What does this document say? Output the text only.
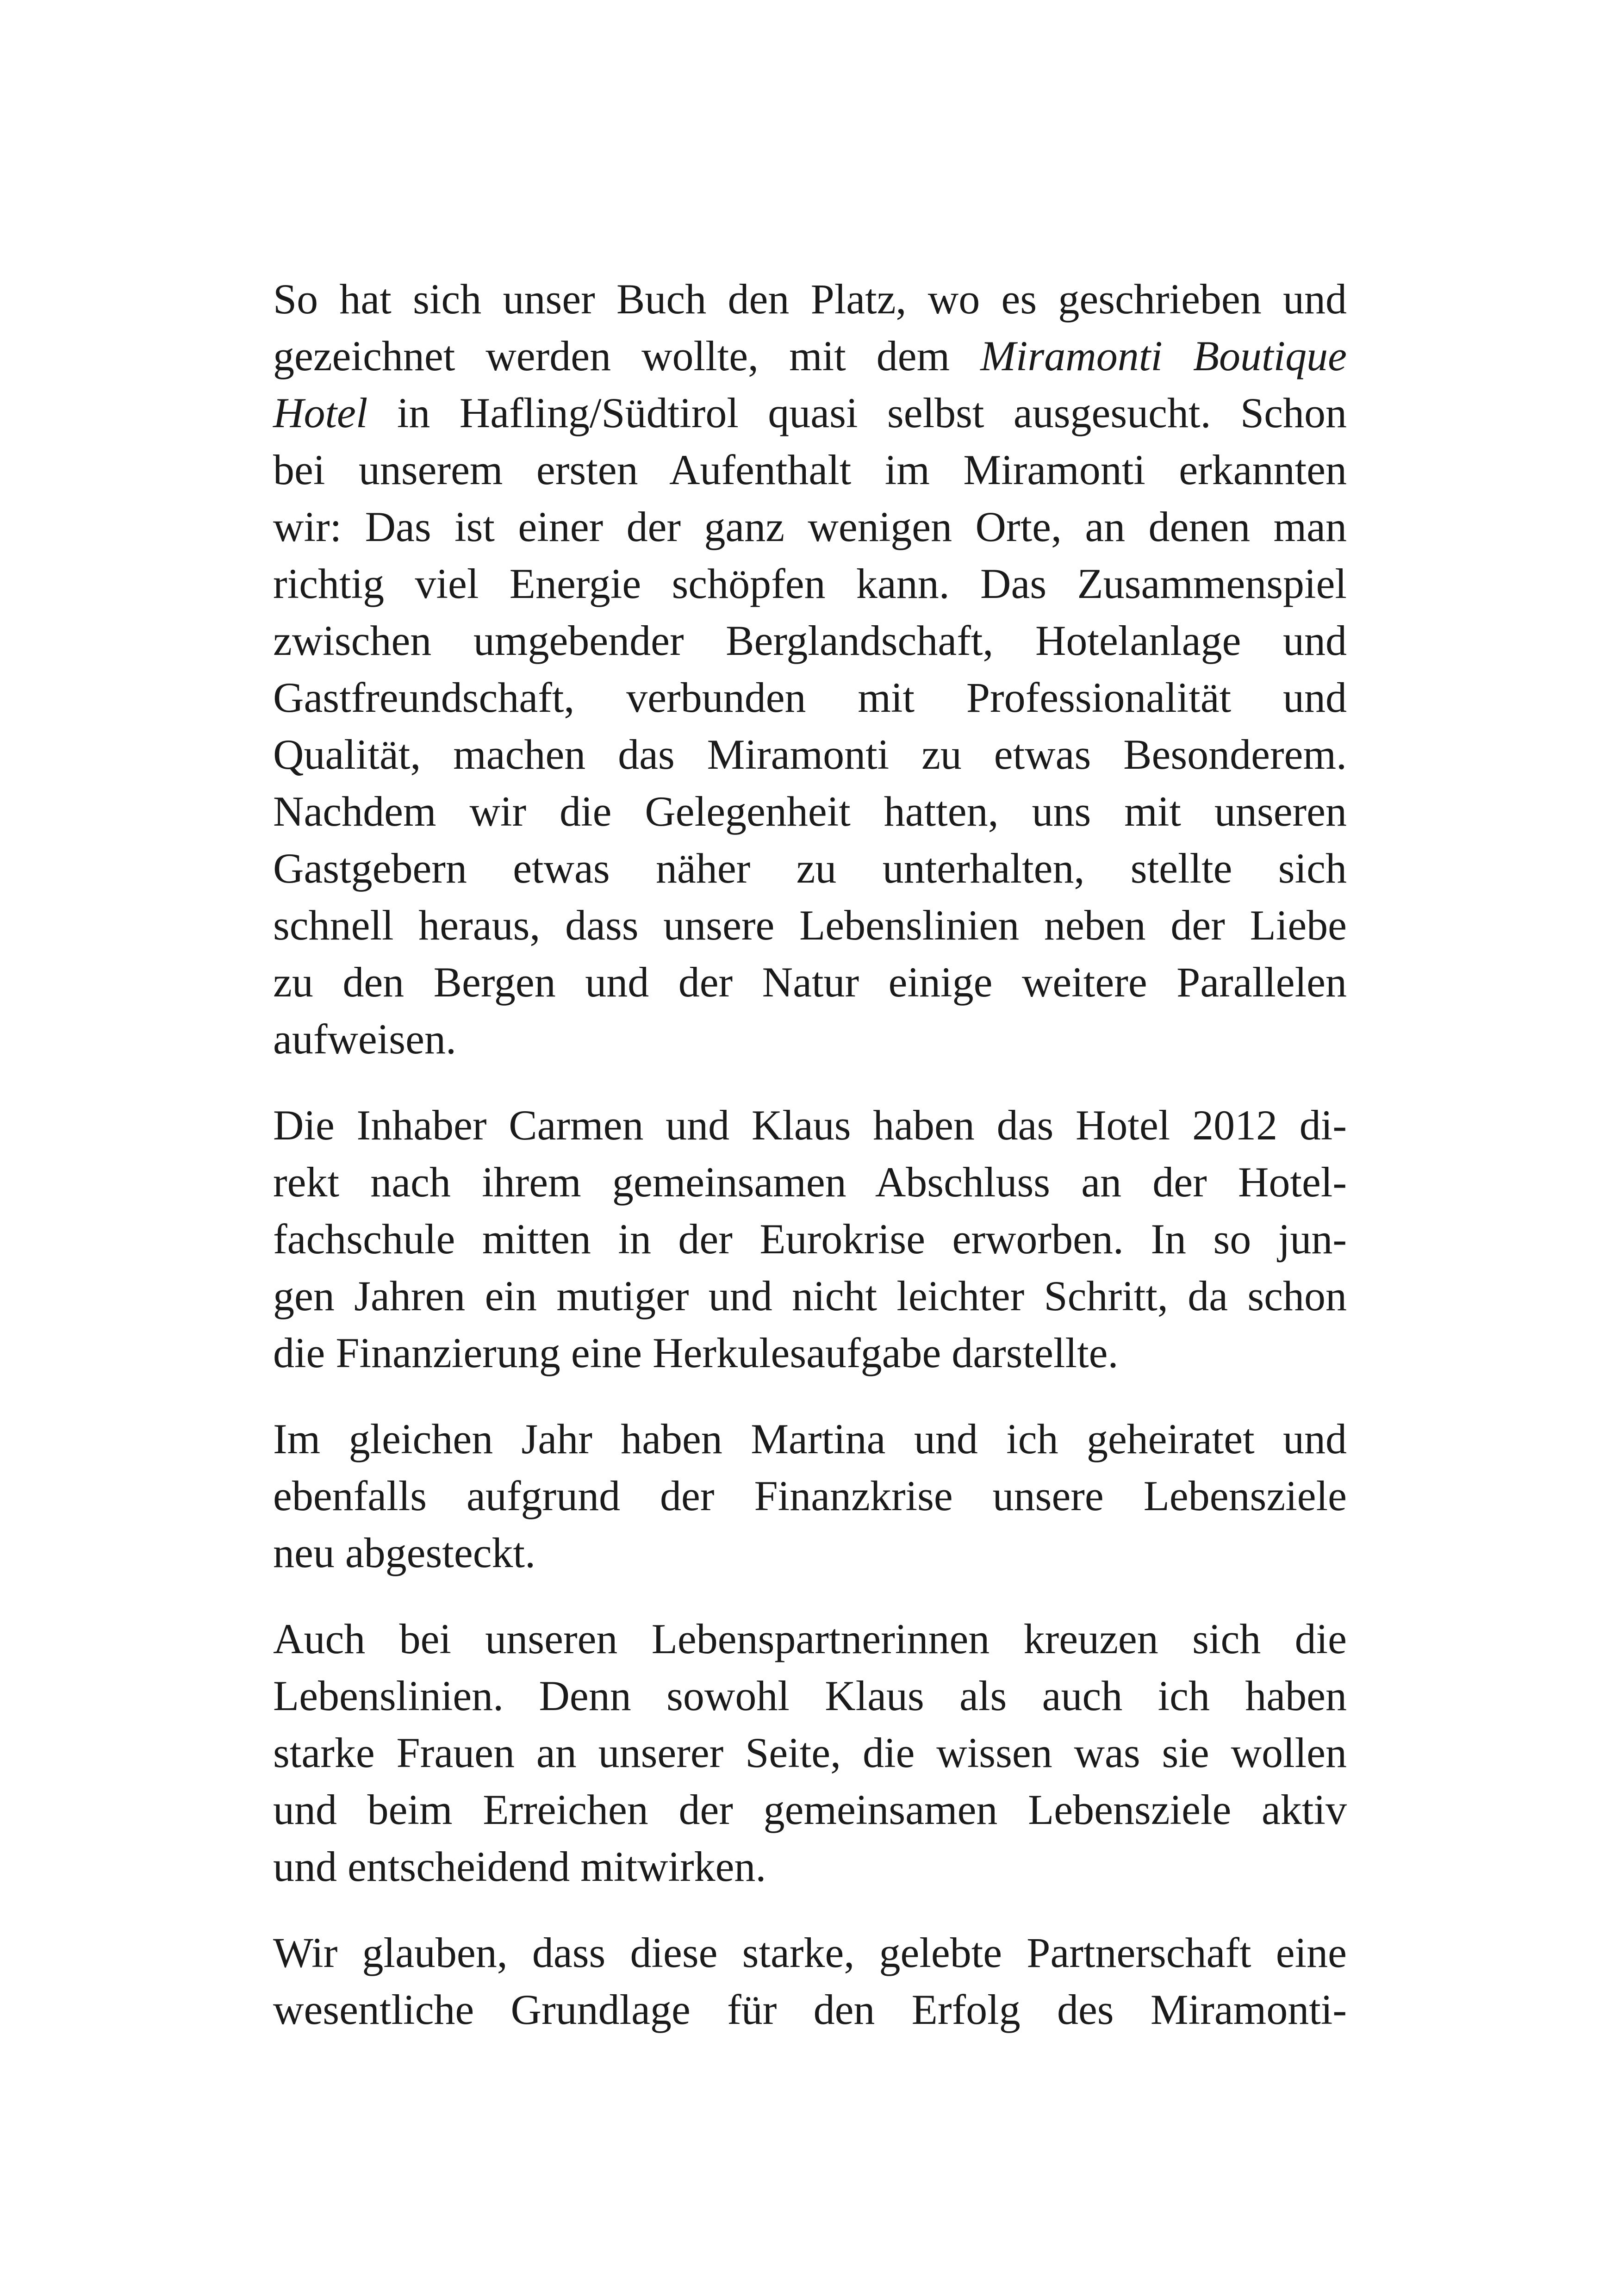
So hat sich unser Buch den Platz, wo es geschrieben und
gezeichnet werden wollte, mit dem Miramonti Boutique
Hotel in Hafling/Südtirol quasi selbst ausgesucht. Schon
bei unserem ersten Aufenthalt im Miramonti erkannten
wir: Das ist einer der ganz wenigen Orte, an denen man
richtig viel Energie schöpfen kann. Das Zusammenspiel
zwischen umgebender Berglandschaft, Hotelanlage und
Gastfreundschaft, verbunden mit Professionalität und
Qualität, machen das Miramonti zu etwas Besonderem.
Nachdem wir die Gelegenheit hatten, uns mit unseren
Gastgebern etwas näher zu unterhalten, stellte sich
schnell heraus, dass unsere Lebenslinien neben der Liebe
zu den Bergen und der Natur einige weitere Parallelen
aufweisen.

Die Inhaber Carmen und Klaus haben das Hotel 2012 di-
rekt nach ihrem gemeinsamen Abschluss an der Hotel-
fachschule mitten in der Eurokrise erworben. In so jun-
gen Jahren ein mutiger und nicht leichter Schritt, da schon
die Finanzierung eine Herkulesaufgabe darstellte.

Im gleichen Jahr haben Martina und ich geheiratet und
ebenfalls aufgrund der Finanzkrise unsere Lebensziele
neu abgesteckt.

Auch bei unseren Lebenspartnerinnen kreuzen sich die
Lebenslinien. Denn sowohl Klaus als auch ich haben
starke Frauen an unserer Seite, die wissen was sie wollen
und beim Erreichen der gemeinsamen Lebensziele aktiv
und entscheidend mitwirken.

Wir glauben, dass diese starke, gelebte Partnerschaft eine
wesentliche Grundlage für den Erfolg des Miramonti-
